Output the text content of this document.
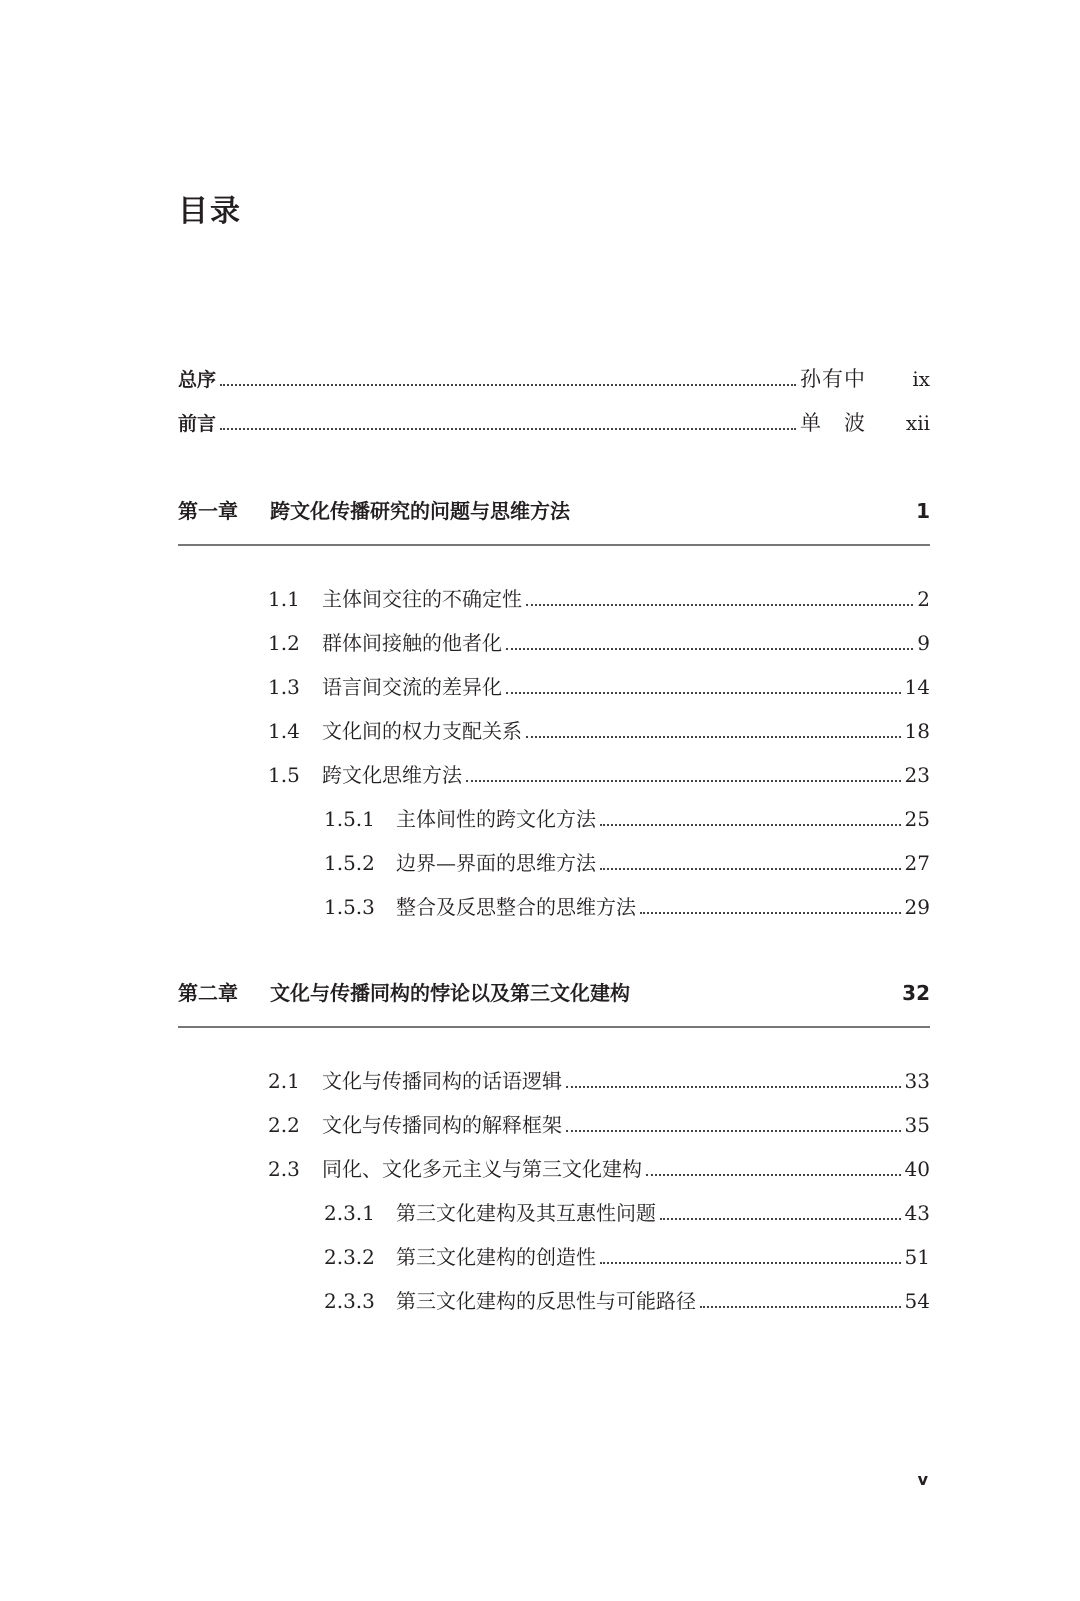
目录
总序	孙有中	ix
前言	单　波	xii
第一章	跨文化传播研究的问题与思维方法	1
1.1	主体间交往的不确定性	2
1.2	群体间接触的他者化	9
1.3	语言间交流的差异化	14
1.4	文化间的权力支配关系	18
1.5	跨文化思维方法	23
1.5.1	主体间性的跨文化方法	25
1.5.2	边界—界面的思维方法	27
1.5.3	整合及反思整合的思维方法	29
第二章	文化与传播同构的悖论以及第三文化建构	32
2.1	文化与传播同构的话语逻辑	33
2.2	文化与传播同构的解释框架	35
2.3	同化、文化多元主义与第三文化建构	40
2.3.1	第三文化建构及其互惠性问题	43
2.3.2	第三文化建构的创造性	51
2.3.3	第三文化建构的反思性与可能路径	54
v
